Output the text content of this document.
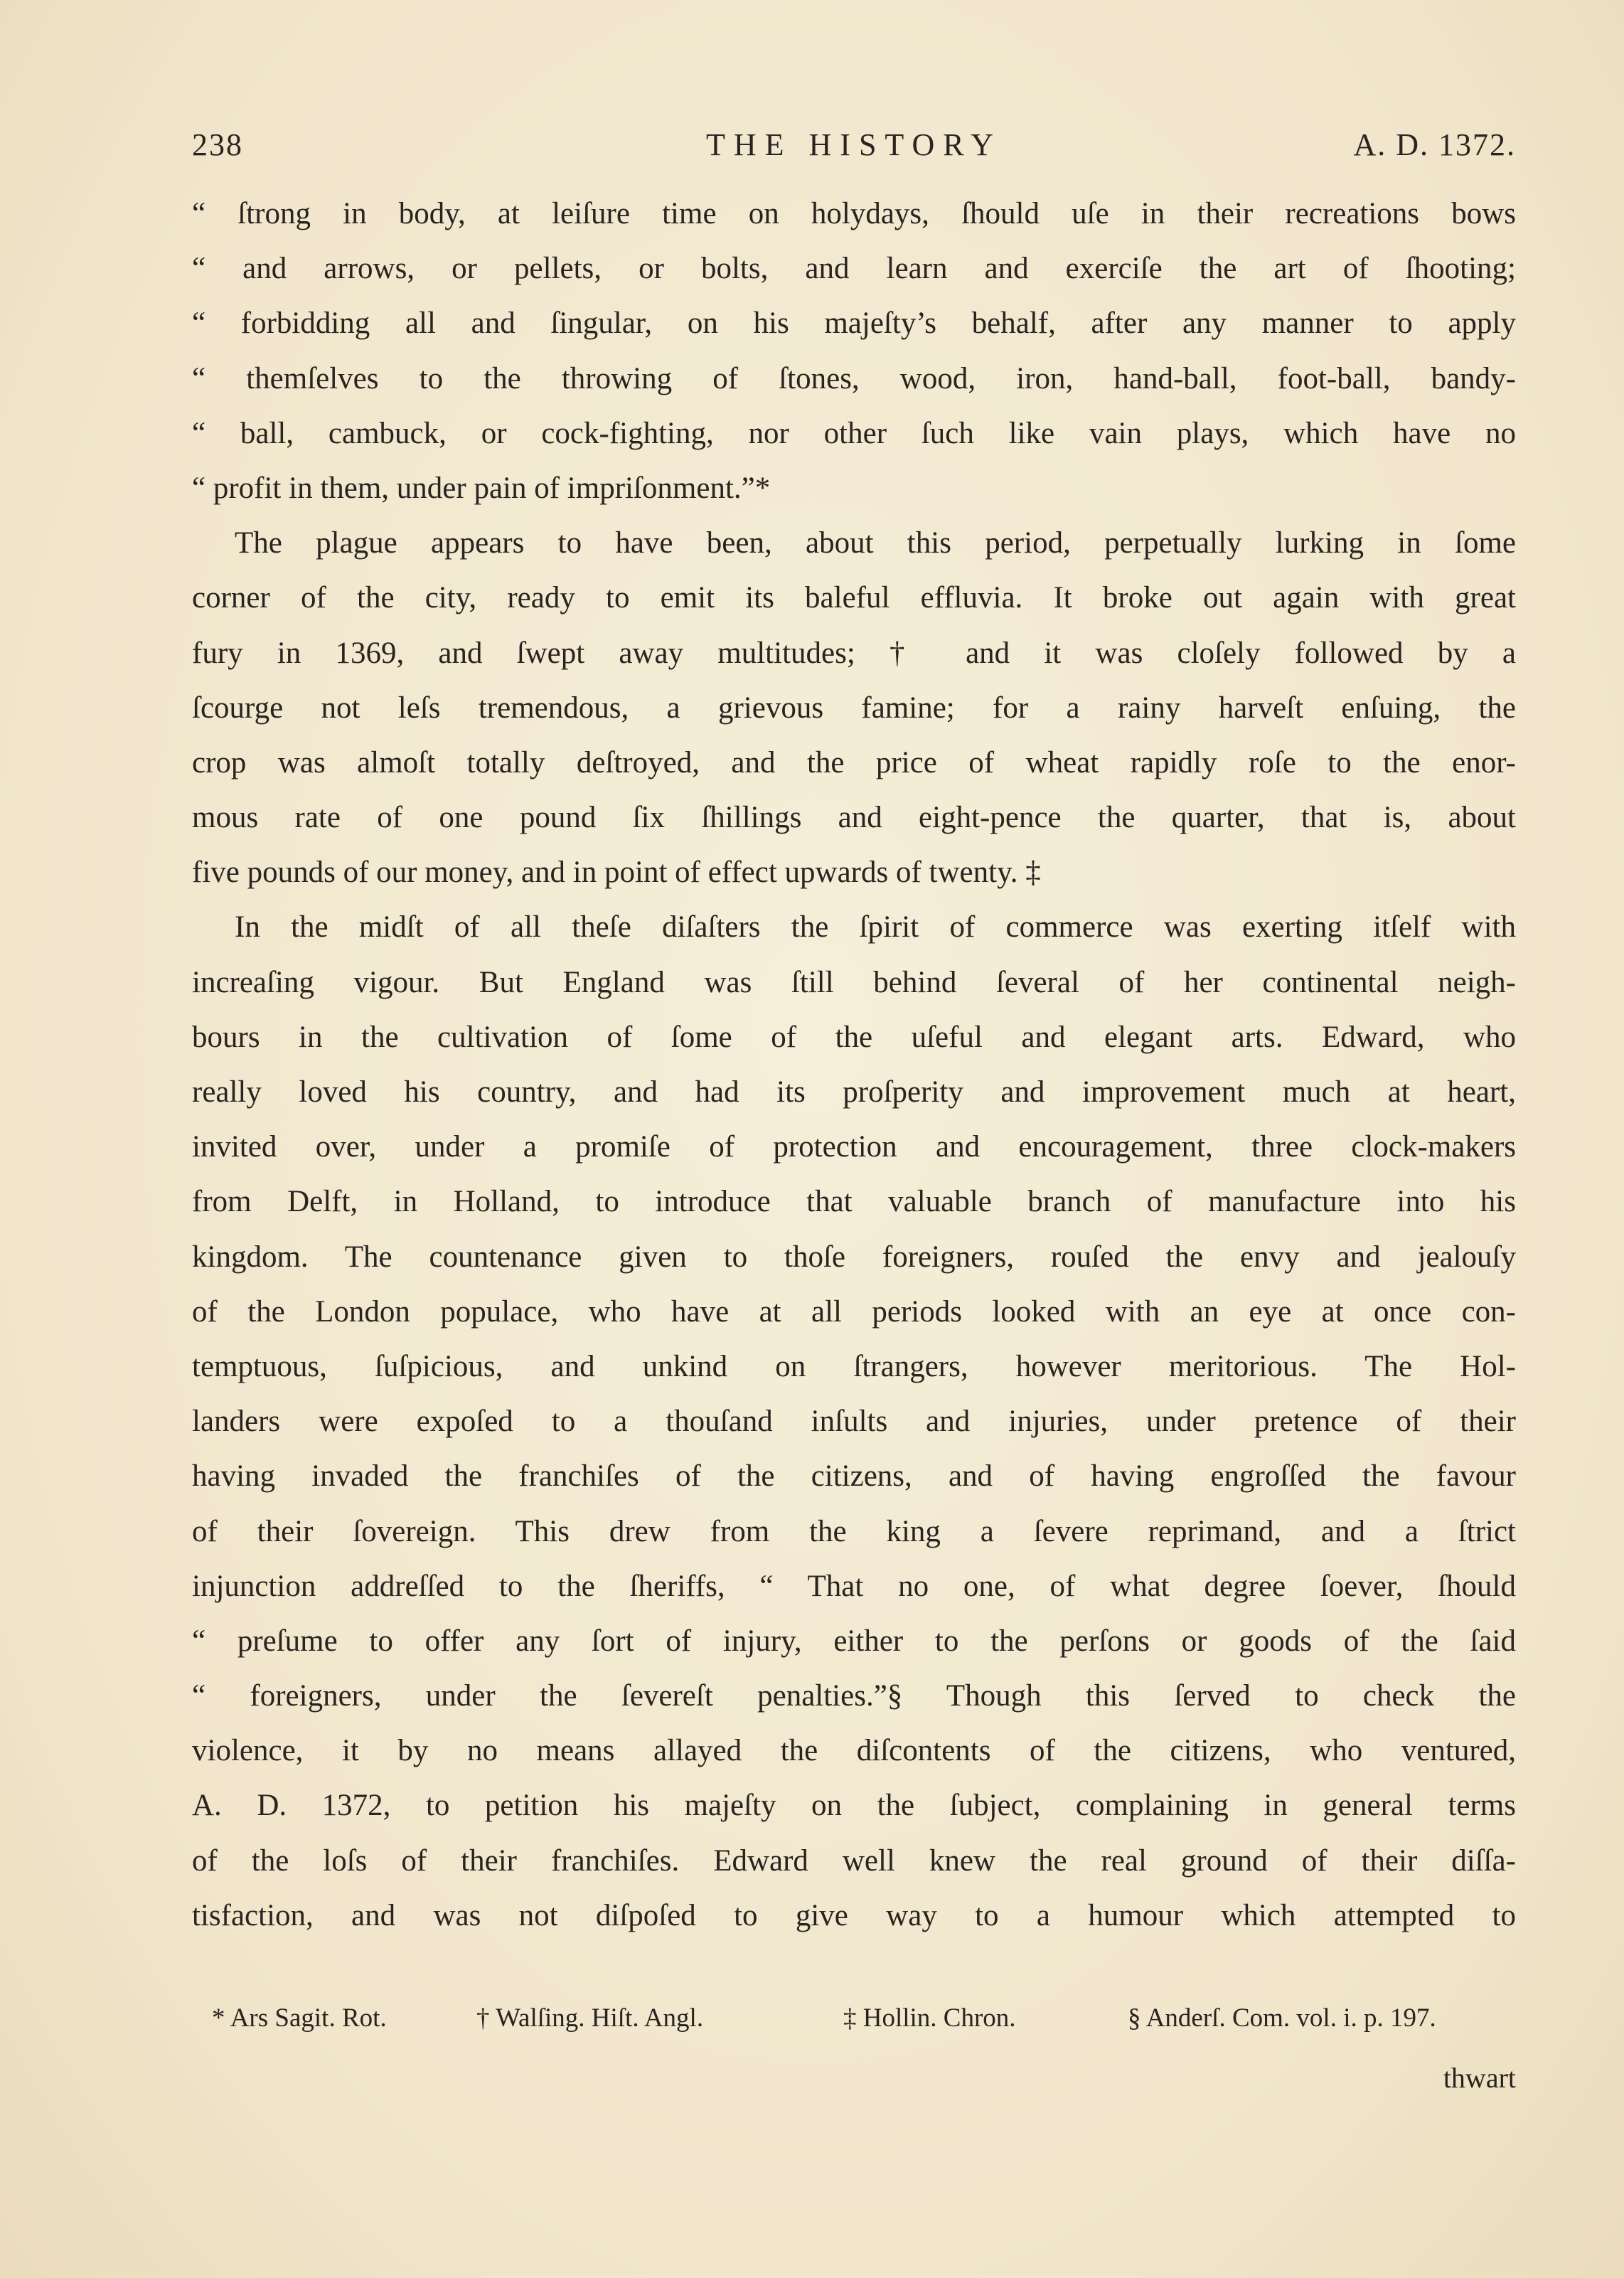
238	THE HISTORY	A. D. 1372.
“ ſtrong in body, at leiſure time on holydays, ſhould uſe in their recreations bows
“ and arrows, or pellets, or bolts, and learn and exerciſe the art of ſhooting;
“ forbidding all and ſingular, on his majeſty’s behalf, after any manner to apply
“ themſelves to the throwing of ſtones, wood, iron, hand-ball, foot-ball, bandy-
“ ball, cambuck, or cock-fighting, nor other ſuch like vain plays, which have no
“ profit in them, under pain of impriſonment.”*
The plague appears to have been, about this period, perpetually lurking in ſome
corner of the city, ready to emit its baleful effluvia. It broke out again with great
fury in 1369, and ſwept away multitudes; † and it was cloſely followed by a
ſcourge not leſs tremendous, a grievous famine; for a rainy harveſt enſuing, the
crop was almoſt totally deſtroyed, and the price of wheat rapidly roſe to the enor-
mous rate of one pound ſix ſhillings and eight-pence the quarter, that is, about
five pounds of our money, and in point of effect upwards of twenty. ‡
In the midſt of all theſe diſaſters the ſpirit of commerce was exerting itſelf with
increaſing vigour. But England was ſtill behind ſeveral of her continental neigh-
bours in the cultivation of ſome of the uſeful and elegant arts. Edward, who
really loved his country, and had its proſperity and improvement much at heart,
invited over, under a promiſe of protection and encouragement, three clock-makers
from Delft, in Holland, to introduce that valuable branch of manufacture into his
kingdom. The countenance given to thoſe foreigners, rouſed the envy and jealouſy
of the London populace, who have at all periods looked with an eye at once con-
temptuous, ſuſpicious, and unkind on ſtrangers, however meritorious. The Hol-
landers were expoſed to a thouſand inſults and injuries, under pretence of their
having invaded the franchiſes of the citizens, and of having engroſſed the favour
of their ſovereign. This drew from the king a ſevere reprimand, and a ſtrict
injunction addreſſed to the ſheriffs, “ That no one, of what degree ſoever, ſhould
“ preſume to offer any ſort of injury, either to the perſons or goods of the ſaid
“ foreigners, under the ſevereſt penalties.”§ Though this ſerved to check the
violence, it by no means allayed the diſcontents of the citizens, who ventured,
A. D. 1372, to petition his majeſty on the ſubject, complaining in general terms
of the loſs of their franchiſes. Edward well knew the real ground of their diſſa-
tisfaction, and was not diſpoſed to give way to a humour which attempted to
* Ars Sagit. Rot.	† Walſing. Hiſt. Angl.	‡ Hollin. Chron.	§ Anderſ. Com. vol. i. p. 197.
thwart
